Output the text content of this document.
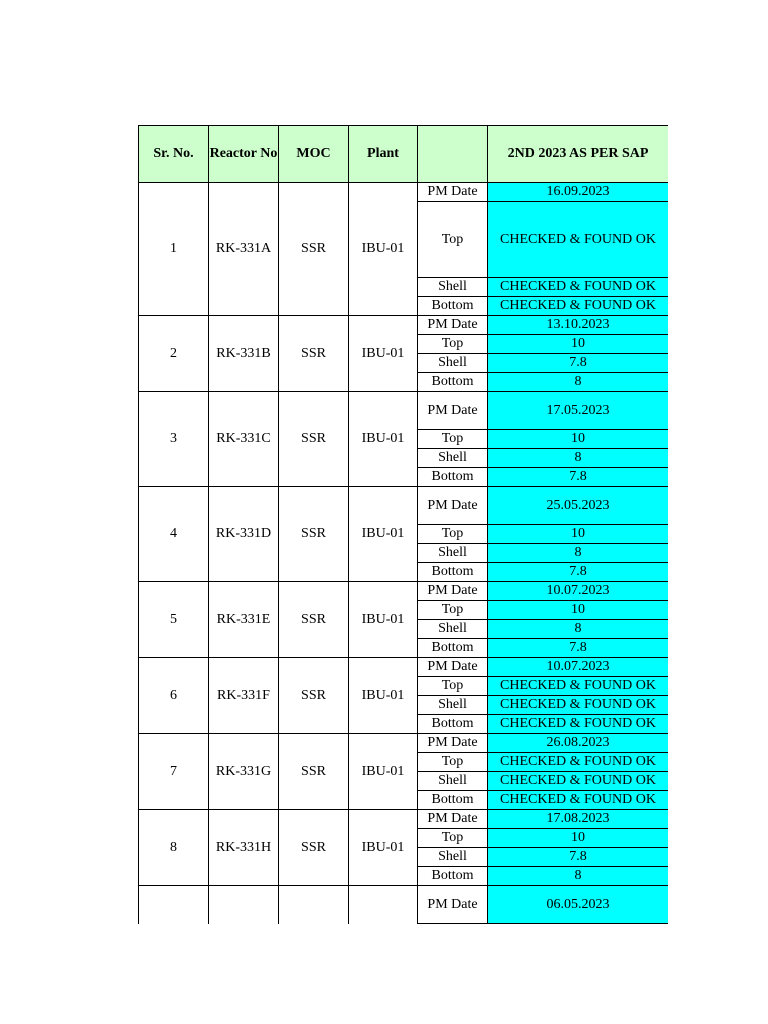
Sr. No.	Reactor No	MOC	Plant		2ND 2023 AS PER SAP
1	RK-331A	SSR	IBU-01	PM Date	16.09.2023
				Top	CHECKED & FOUND OK
				Shell	CHECKED & FOUND OK
				Bottom	CHECKED & FOUND OK
2	RK-331B	SSR	IBU-01	PM Date	13.10.2023
				Top	10
				Shell	7.8
				Bottom	8
3	RK-331C	SSR	IBU-01	PM Date	17.05.2023
				Top	10
				Shell	8
				Bottom	7.8
4	RK-331D	SSR	IBU-01	PM Date	25.05.2023
				Top	10
				Shell	8
				Bottom	7.8
5	RK-331E	SSR	IBU-01	PM Date	10.07.2023
				Top	10
				Shell	8
				Bottom	7.8
6	RK-331F	SSR	IBU-01	PM Date	10.07.2023
				Top	CHECKED & FOUND OK
				Shell	CHECKED & FOUND OK
				Bottom	CHECKED & FOUND OK
7	RK-331G	SSR	IBU-01	PM Date	26.08.2023
				Top	CHECKED & FOUND OK
				Shell	CHECKED & FOUND OK
				Bottom	CHECKED & FOUND OK
8	RK-331H	SSR	IBU-01	PM Date	17.08.2023
				Top	10
				Shell	7.8
				Bottom	8
				PM Date	06.05.2023
